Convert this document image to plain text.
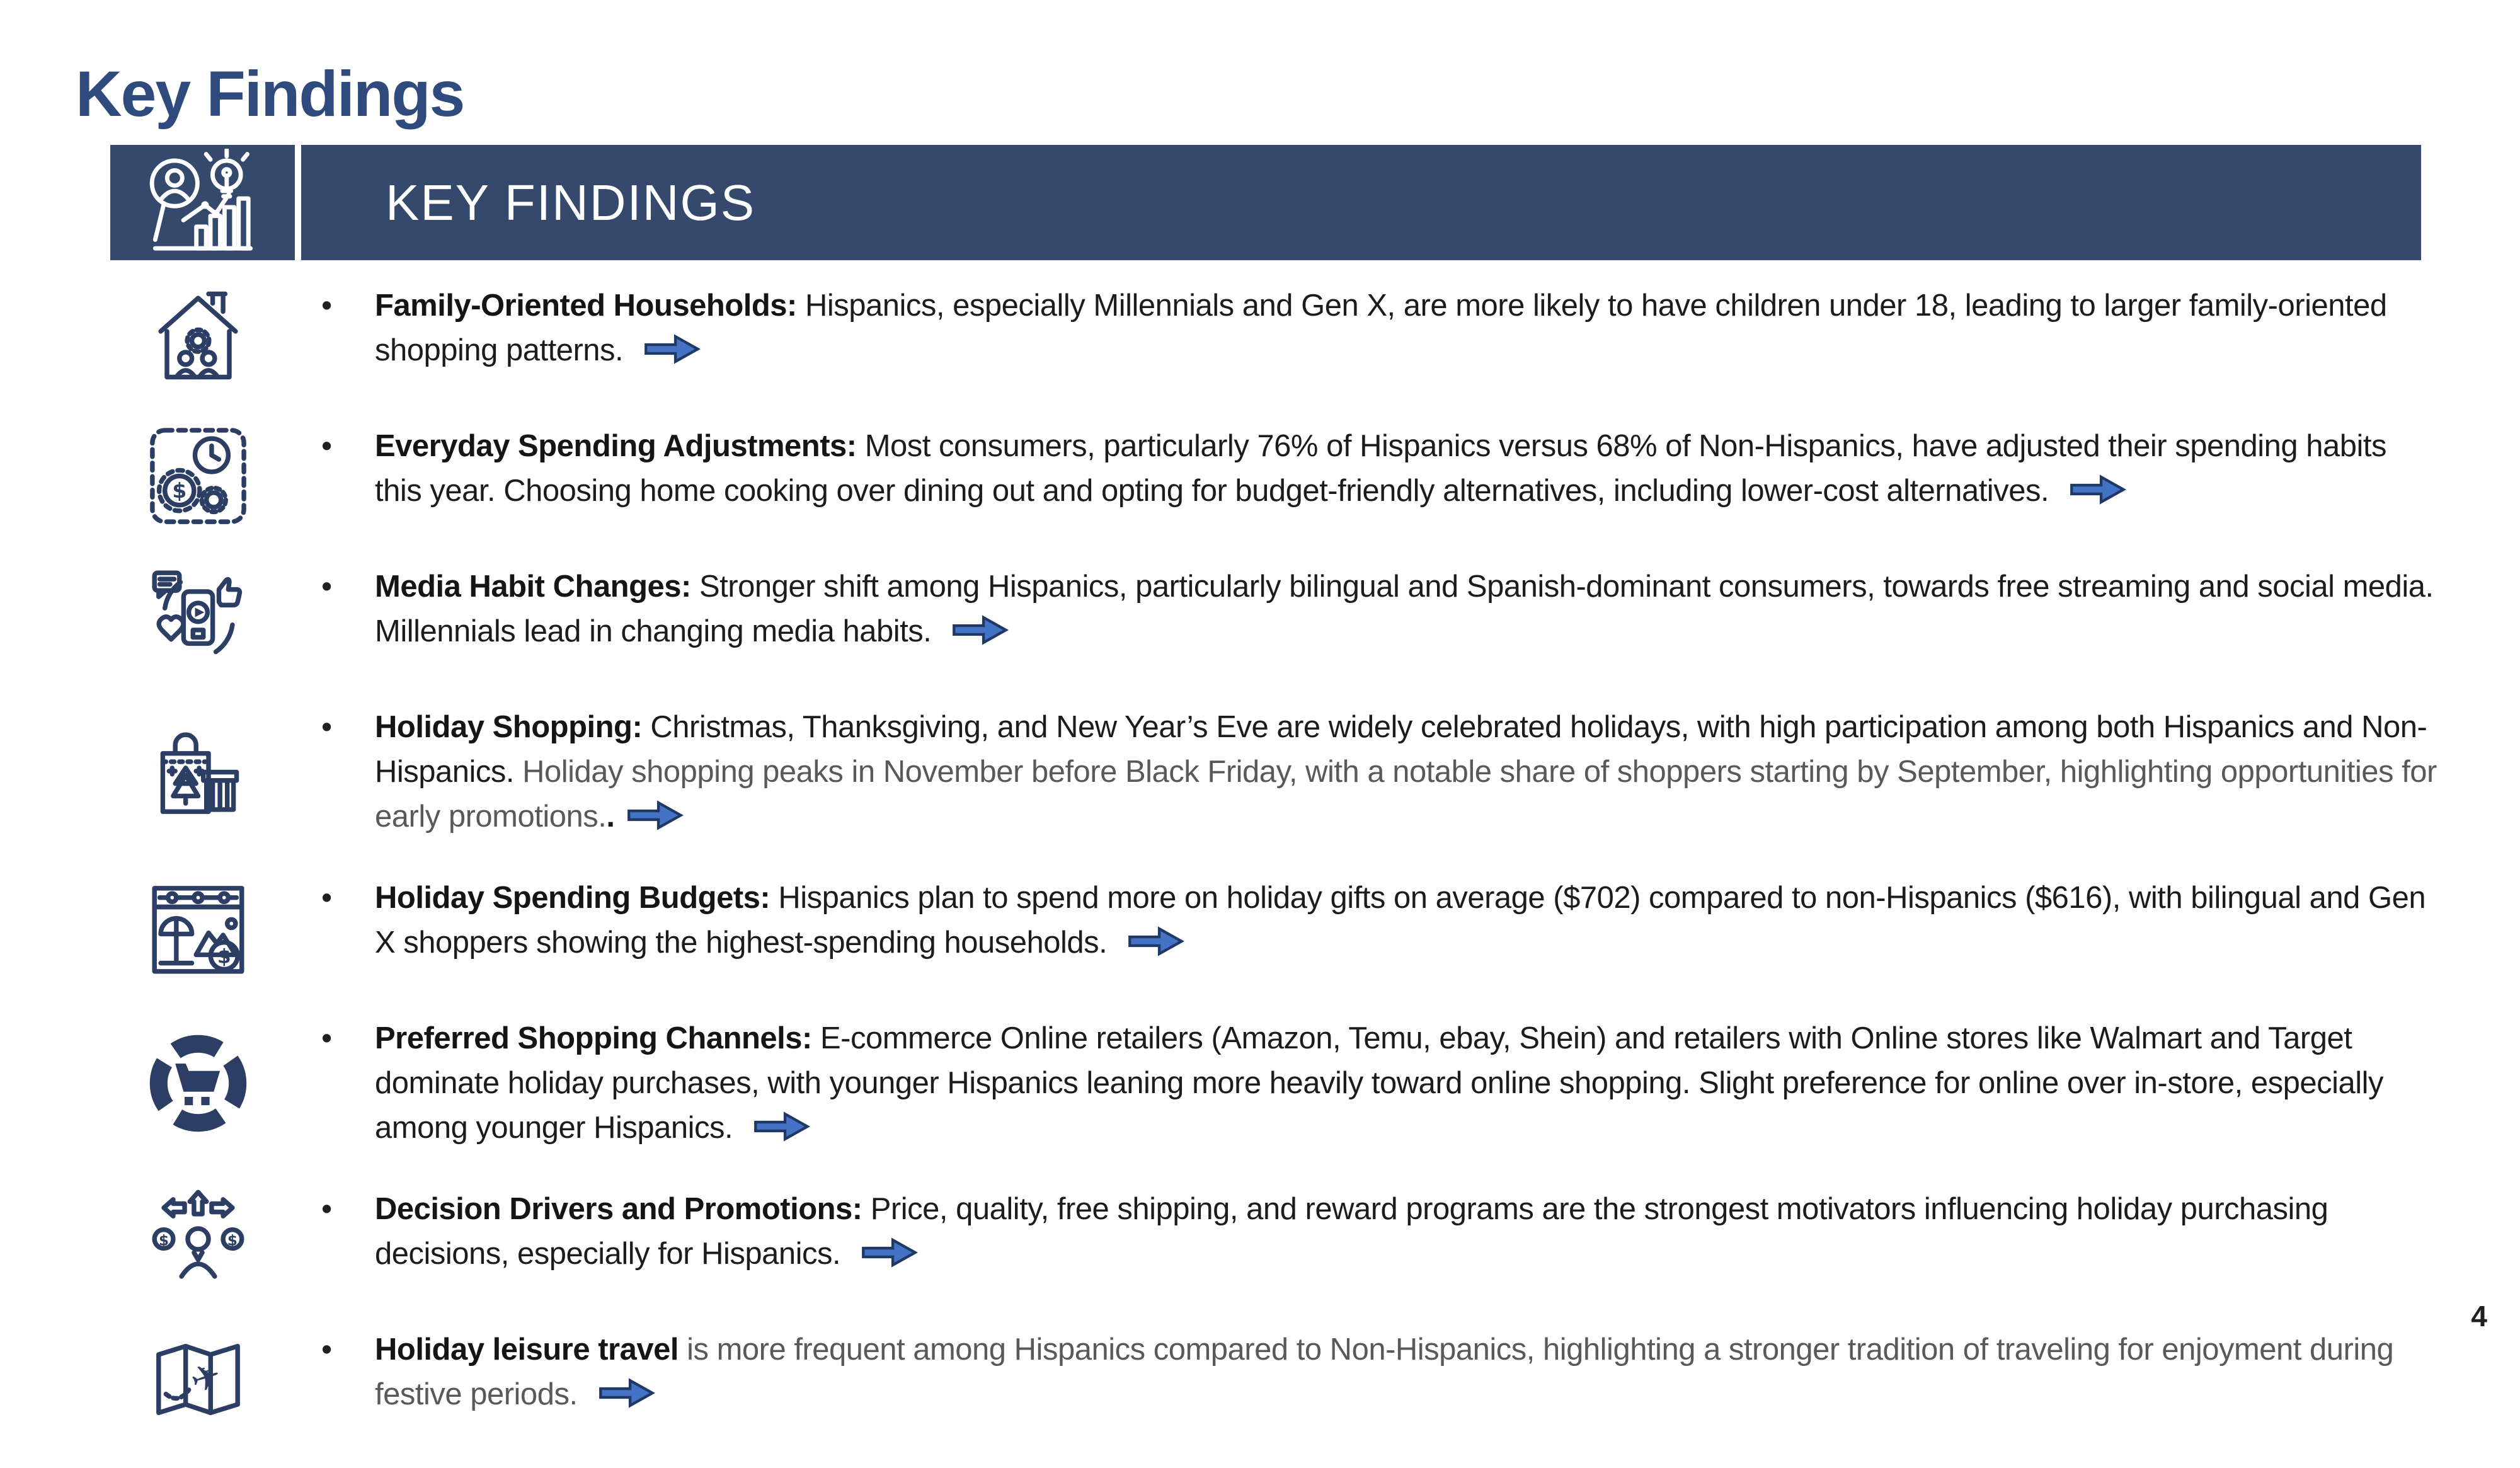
Key Findings
KEY FINDINGS
•	Family-Oriented Households: Hispanics, especially Millennials and Gen X, are more likely to have children under 18, leading to larger family-oriented shopping patterns.

$
•	Everyday Spending Adjustments: Most consumers, particularly 76% of Hispanics versus 68% of Non-Hispanics, have adjusted their spending habits this year. Choosing home cooking over dining out and opting for budget-friendly alternatives, including lower-cost alternatives.

•	Media Habit Changes: Stronger shift among Hispanics, particularly bilingual and Spanish-dominant consumers, towards free streaming and social media. Millennials lead in changing media habits.

•	Holiday Shopping: Christmas, Thanksgiving, and New Year’s Eve are widely celebrated holidays, with high participation among both Hispanics and Non-Hispanics. Holiday shopping peaks in November before Black Friday, with a notable share of shoppers starting by September, highlighting opportunities for early promotions..

$
•	Holiday Spending Budgets: Hispanics plan to spend more on holiday gifts on average ($702) compared to non-Hispanics ($616), with bilingual and Gen X shoppers showing the highest-spending households.

•	Preferred Shopping Channels: E-commerce Online retailers (Amazon, Temu, ebay, Shein) and retailers with Online stores like Walmart and Target dominate holiday purchases, with younger Hispanics leaning more heavily toward online shopping. Slight preference for online over in-store, especially among younger Hispanics.

$	$
•	Decision Drivers and Promotions: Price, quality, free shipping, and reward programs are the strongest motivators influencing holiday purchasing decisions, especially for Hispanics.

✈
•	Holiday leisure travel is more frequent among Hispanics compared to Non-Hispanics, highlighting a stronger tradition of traveling for enjoyment during festive periods.

4
